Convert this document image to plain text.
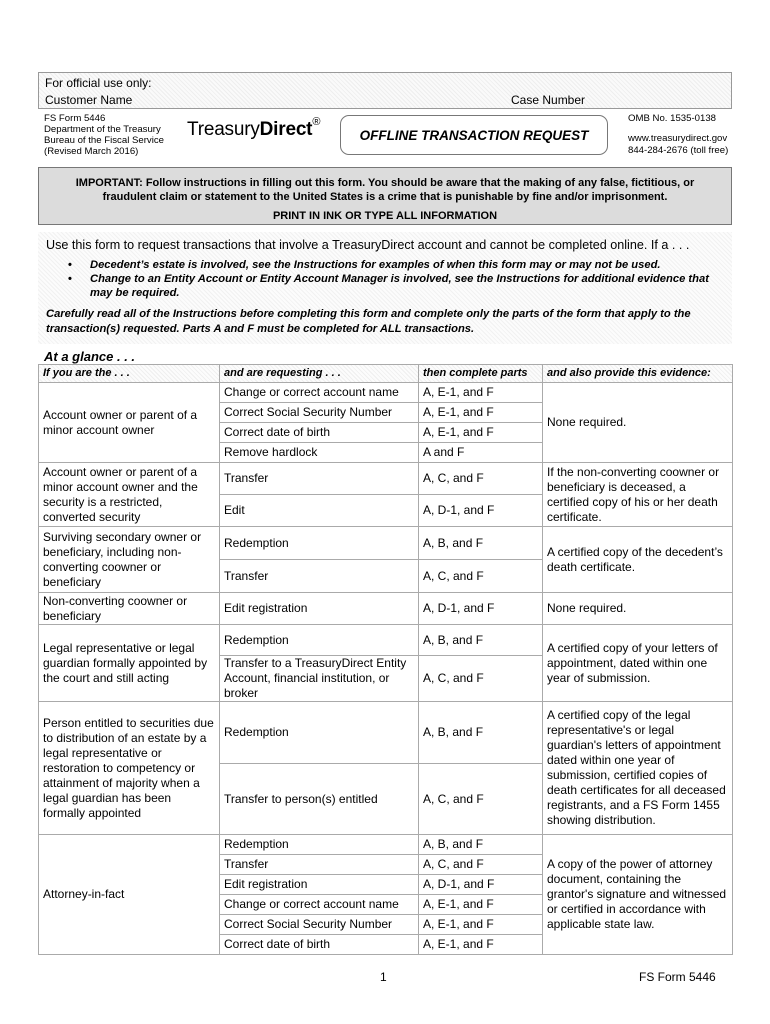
For official use only:
Customer Name	Case Number
FS Form 5446
Department of the Treasury
Bureau of the Fiscal Service
(Revised March 2016)
TreasuryDirect®
OFFLINE TRANSACTION REQUEST
OMB No. 1535-0138
www.treasurydirect.gov
844-284-2676 (toll free)
IMPORTANT: Follow instructions in filling out this form. You should be aware that the making of any false, fictitious, or fraudulent claim or statement to the United States is a crime that is punishable by fine and/or imprisonment.
PRINT IN INK OR TYPE ALL INFORMATION
Use this form to request transactions that involve a TreasuryDirect account and cannot be completed online. If a . . .
• Decedent’s estate is involved, see the Instructions for examples of when this form may or may not be used.
• Change to an Entity Account or Entity Account Manager is involved, see the Instructions for additional evidence that may be required.
Carefully read all of the Instructions before completing this form and complete only the parts of the form that apply to the transaction(s) requested. Parts A and F must be completed for ALL transactions.
At a glance . . .
If you are the . . .	and are requesting . . .	then complete parts	and also provide this evidence:
Account owner or parent of a minor account owner	Change or correct account name	A, E-1, and F	None required.
	Correct Social Security Number	A, E-1, and F	
	Correct date of birth	A, E-1, and F	
	Remove hardlock	A and F	
Account owner or parent of a minor account owner and the security is a restricted, converted security	Transfer	A, C, and F	If the non-converting coowner or beneficiary is deceased, a certified copy of his or her death certificate.
	Edit	A, D-1, and F	
Surviving secondary owner or beneficiary, including non-converting coowner or beneficiary	Redemption	A, B, and F	A certified copy of the decedent’s death certificate.
	Transfer	A, C, and F	
Non-converting coowner or beneficiary	Edit registration	A, D-1, and F	None required.
Legal representative or legal guardian formally appointed by the court and still acting	Redemption	A, B, and F	A certified copy of your letters of appointment, dated within one year of submission.
	Transfer to a TreasuryDirect Entity Account, financial institution, or broker	A, C, and F	
Person entitled to securities due to distribution of an estate by a legal representative or restoration to competency or attainment of majority when a legal guardian has been formally appointed	Redemption	A, B, and F	A certified copy of the legal representative's or legal guardian's letters of appointment dated within one year of submission, certified copies of death certificates for all deceased registrants, and a FS Form 1455 showing distribution.
	Transfer to person(s) entitled	A, C, and F	
Attorney-in-fact	Redemption	A, B, and F	A copy of the power of attorney document, containing the grantor's signature and witnessed or certified in accordance with applicable state law.
	Transfer	A, C, and F	
	Edit registration	A, D-1, and F	
	Change or correct account name	A, E-1, and F	
	Correct Social Security Number	A, E-1, and F	
	Correct date of birth	A, E-1, and F	
1	FS Form 5446
